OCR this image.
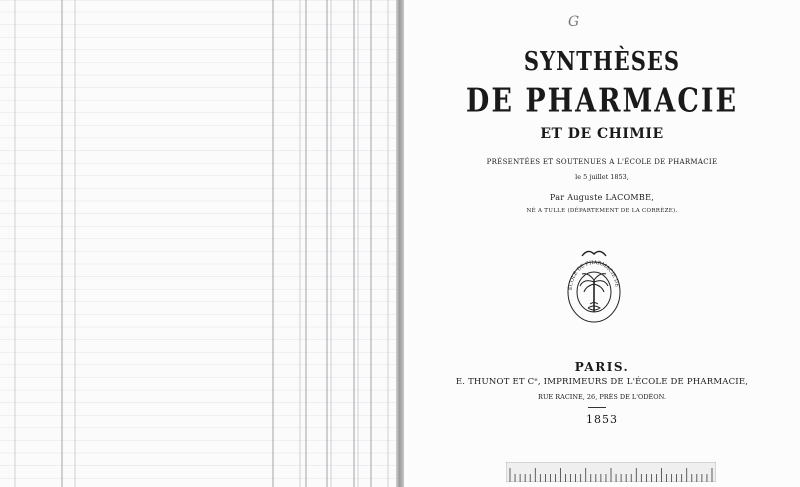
G
SYNTHÈSES
DE PHARMACIE
ET DE CHIMIE
PRÉSENTÉES ET SOUTENUES A L'ÉCOLE DE PHARMACIE
le 5 juillet 1853,
Par Auguste LACOMBE,
NÉ A TULLE (DÉPARTEMENT DE LA CORRÈZE).
ÉCOLE DE PHARMACIE DE
PARIS.
E. THUNOT ET Cᵉ, IMPRIMEURS DE L'ÉCOLE DE PHARMACIE,
RUE RACINE, 26, PRÈS DE L'ODÉON.
1853
